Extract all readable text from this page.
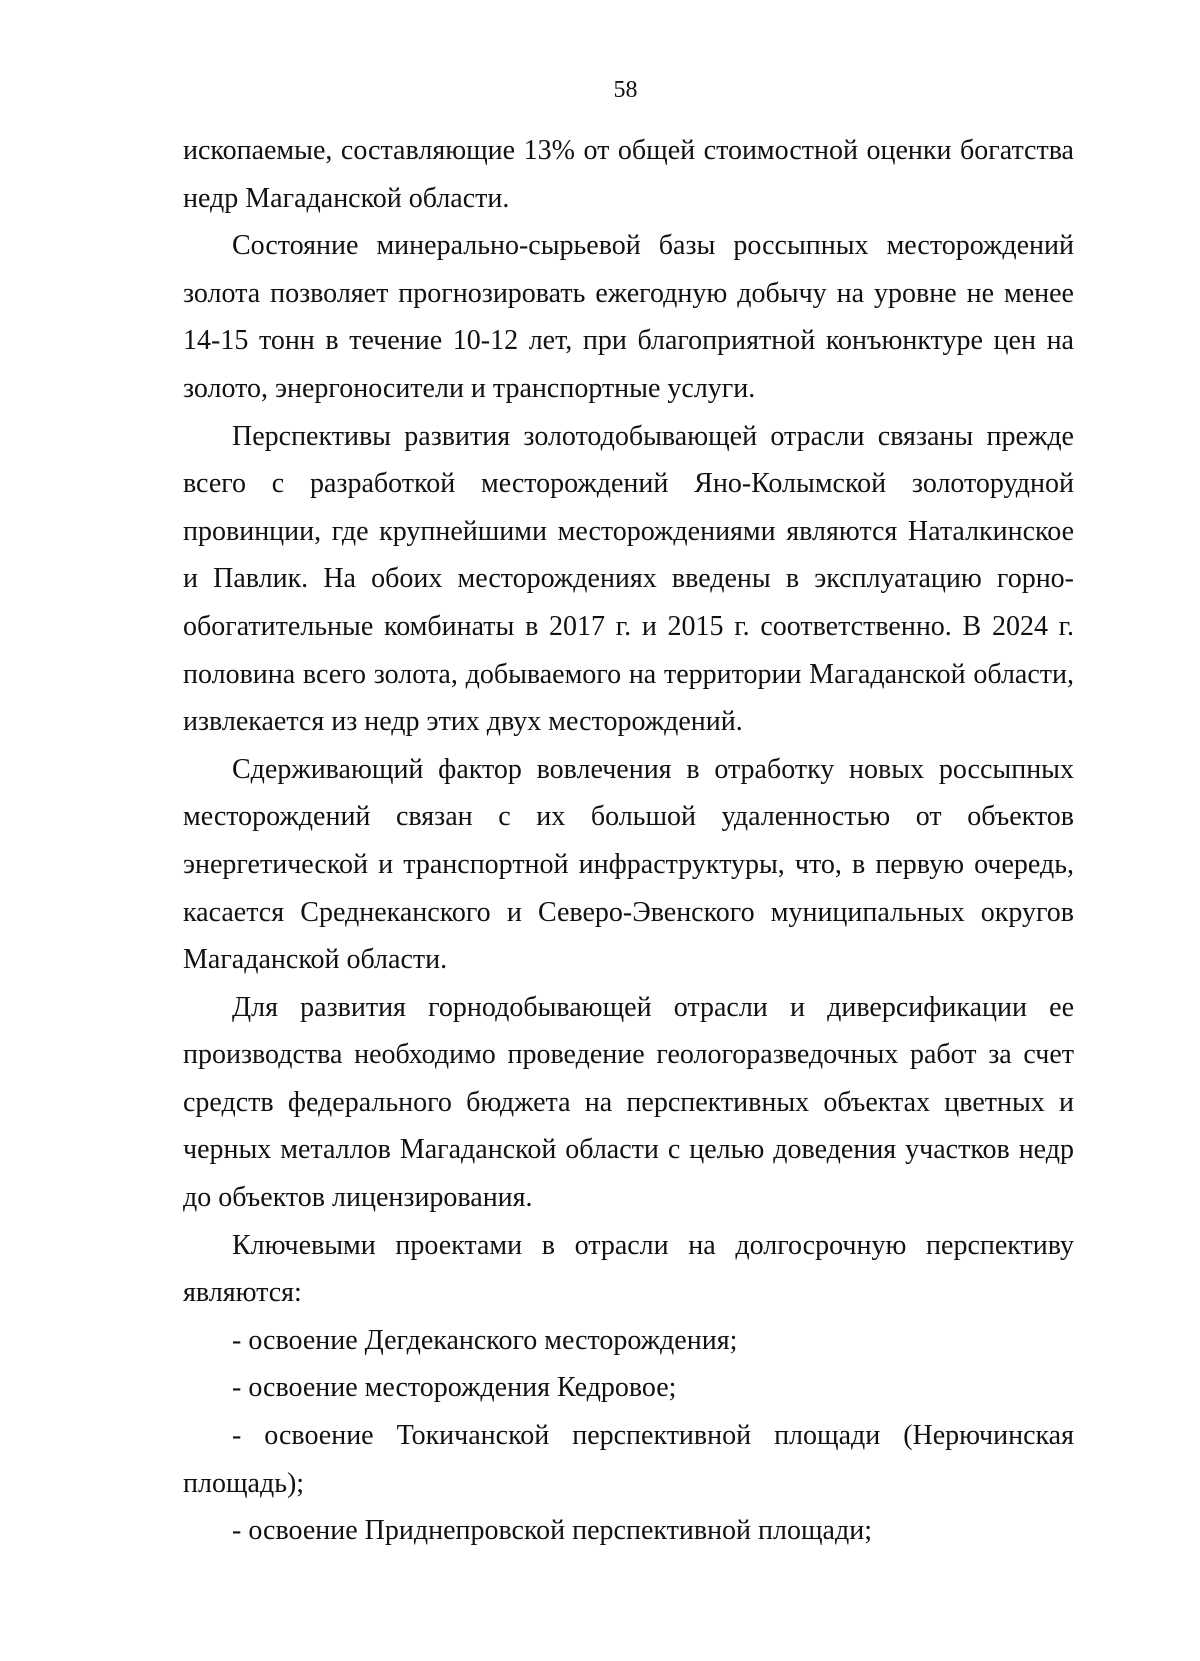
58

ископаемые, составляющие 13% от общей стоимостной оценки богатства недр Магаданской области.

Состояние минерально-сырьевой базы россыпных месторождений золота позволяет прогнозировать ежегодную добычу на уровне не менее 14-15 тонн в течение 10-12 лет, при благоприятной конъюнктуре цен на золото, энергоносители и транспортные услуги.

Перспективы развития золотодобывающей отрасли связаны прежде всего с разработкой месторождений Яно-Колымской золоторудной провинции, где крупнейшими месторождениями являются Наталкинское и Павлик. На обоих месторождениях введены в эксплуатацию горно-обогатительные комбинаты в 2017 г. и 2015 г. соответственно. В 2024 г. половина всего золота, добываемого на территории Магаданской области, извлекается из недр этих двух месторождений.

Сдерживающий фактор вовлечения в отработку новых россыпных месторождений связан с их большой удаленностью от объектов энергетической и транспортной инфраструктуры, что, в первую очередь, касается Среднеканского и Северо-Эвенского муниципальных округов Магаданской области.

Для развития горнодобывающей отрасли и диверсификации ее производства необходимо проведение геологоразведочных работ за счет средств федерального бюджета на перспективных объектах цветных и черных металлов Магаданской области с целью доведения участков недр до объектов лицензирования.

Ключевыми проектами в отрасли на долгосрочную перспективу являются:

- освоение Дегдеканского месторождения;

- освоение месторождения Кедровое;

- освоение Токичанской перспективной площади (Нерючинская площадь);

- освоение Приднепровской перспективной площади;
